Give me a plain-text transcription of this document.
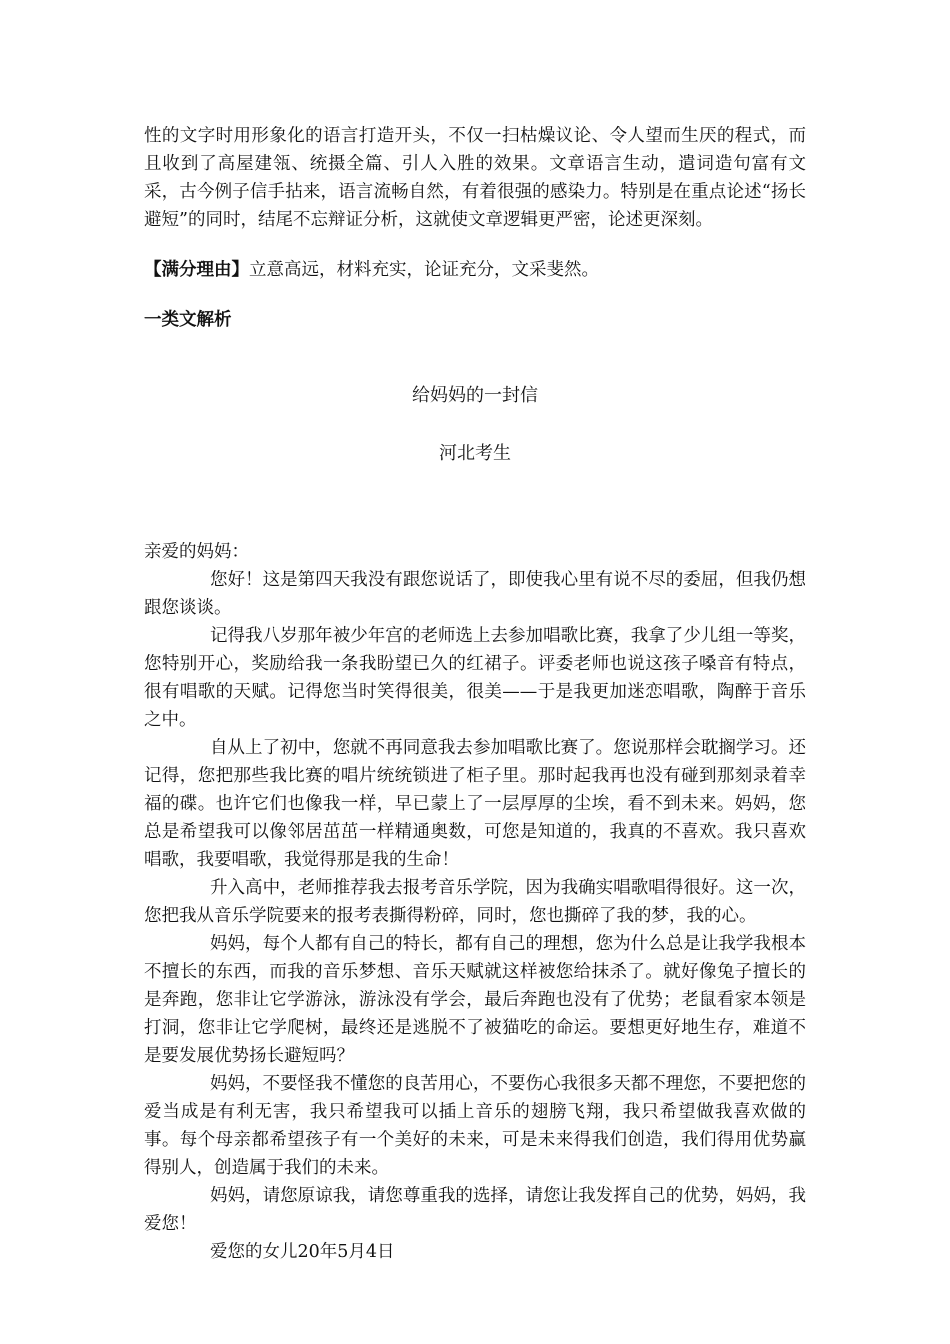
性的文字时用形象化的语言打造开头，不仅一扫枯燥议论、令人望而生厌的程式，而且收到了高屋建瓴、统摄全篇、引人入胜的效果。文章语言生动，遣词造句富有文采，古今例子信手拈来，语言流畅自然，有着很强的感染力。特别是在重点论述“扬长避短”的同时，结尾不忘辩证分析，这就使文章逻辑更严密，论述更深刻。

【满分理由】立意高远，材料充实，论证充分，文采斐然。

一类文解析

给妈妈的一封信

河北考生

亲爱的妈妈：

您好！这是第四天我没有跟您说话了，即使我心里有说不尽的委屈，但我仍想跟您谈谈。

记得我八岁那年被少年宫的老师选上去参加唱歌比赛，我拿了少儿组一等奖，您特别开心，奖励给我一条我盼望已久的红裙子。评委老师也说这孩子嗓音有特点，很有唱歌的天赋。记得您当时笑得很美，很美——于是我更加迷恋唱歌，陶醉于音乐之中。

自从上了初中，您就不再同意我去参加唱歌比赛了。您说那样会耽搁学习。还记得，您把那些我比赛的唱片统统锁进了柜子里。那时起我再也没有碰到那刻录着幸福的碟。也许它们也像我一样，早已蒙上了一层厚厚的尘埃，看不到未来。妈妈，您总是希望我可以像邻居茁茁一样精通奥数，可您是知道的，我真的不喜欢。我只喜欢唱歌，我要唱歌，我觉得那是我的生命！

升入高中，老师推荐我去报考音乐学院，因为我确实唱歌唱得很好。这一次，您把我从音乐学院要来的报考表撕得粉碎，同时，您也撕碎了我的梦，我的心。

妈妈，每个人都有自己的特长，都有自己的理想，您为什么总是让我学我根本不擅长的东西，而我的音乐梦想、音乐天赋就这样被您给抹杀了。就好像兔子擅长的是奔跑，您非让它学游泳，游泳没有学会，最后奔跑也没有了优势；老鼠看家本领是打洞，您非让它学爬树，最终还是逃脱不了被猫吃的命运。要想更好地生存，难道不是要发展优势扬长避短吗？

妈妈，不要怪我不懂您的良苦用心，不要伤心我很多天都不理您，不要把您的爱当成是有利无害，我只希望我可以插上音乐的翅膀飞翔，我只希望做我喜欢做的事。每个母亲都希望孩子有一个美好的未来，可是未来得我们创造，我们得用优势赢得别人，创造属于我们的未来。

妈妈，请您原谅我，请您尊重我的选择，请您让我发挥自己的优势，妈妈，我爱您！

爱您的女儿20年5月4日
